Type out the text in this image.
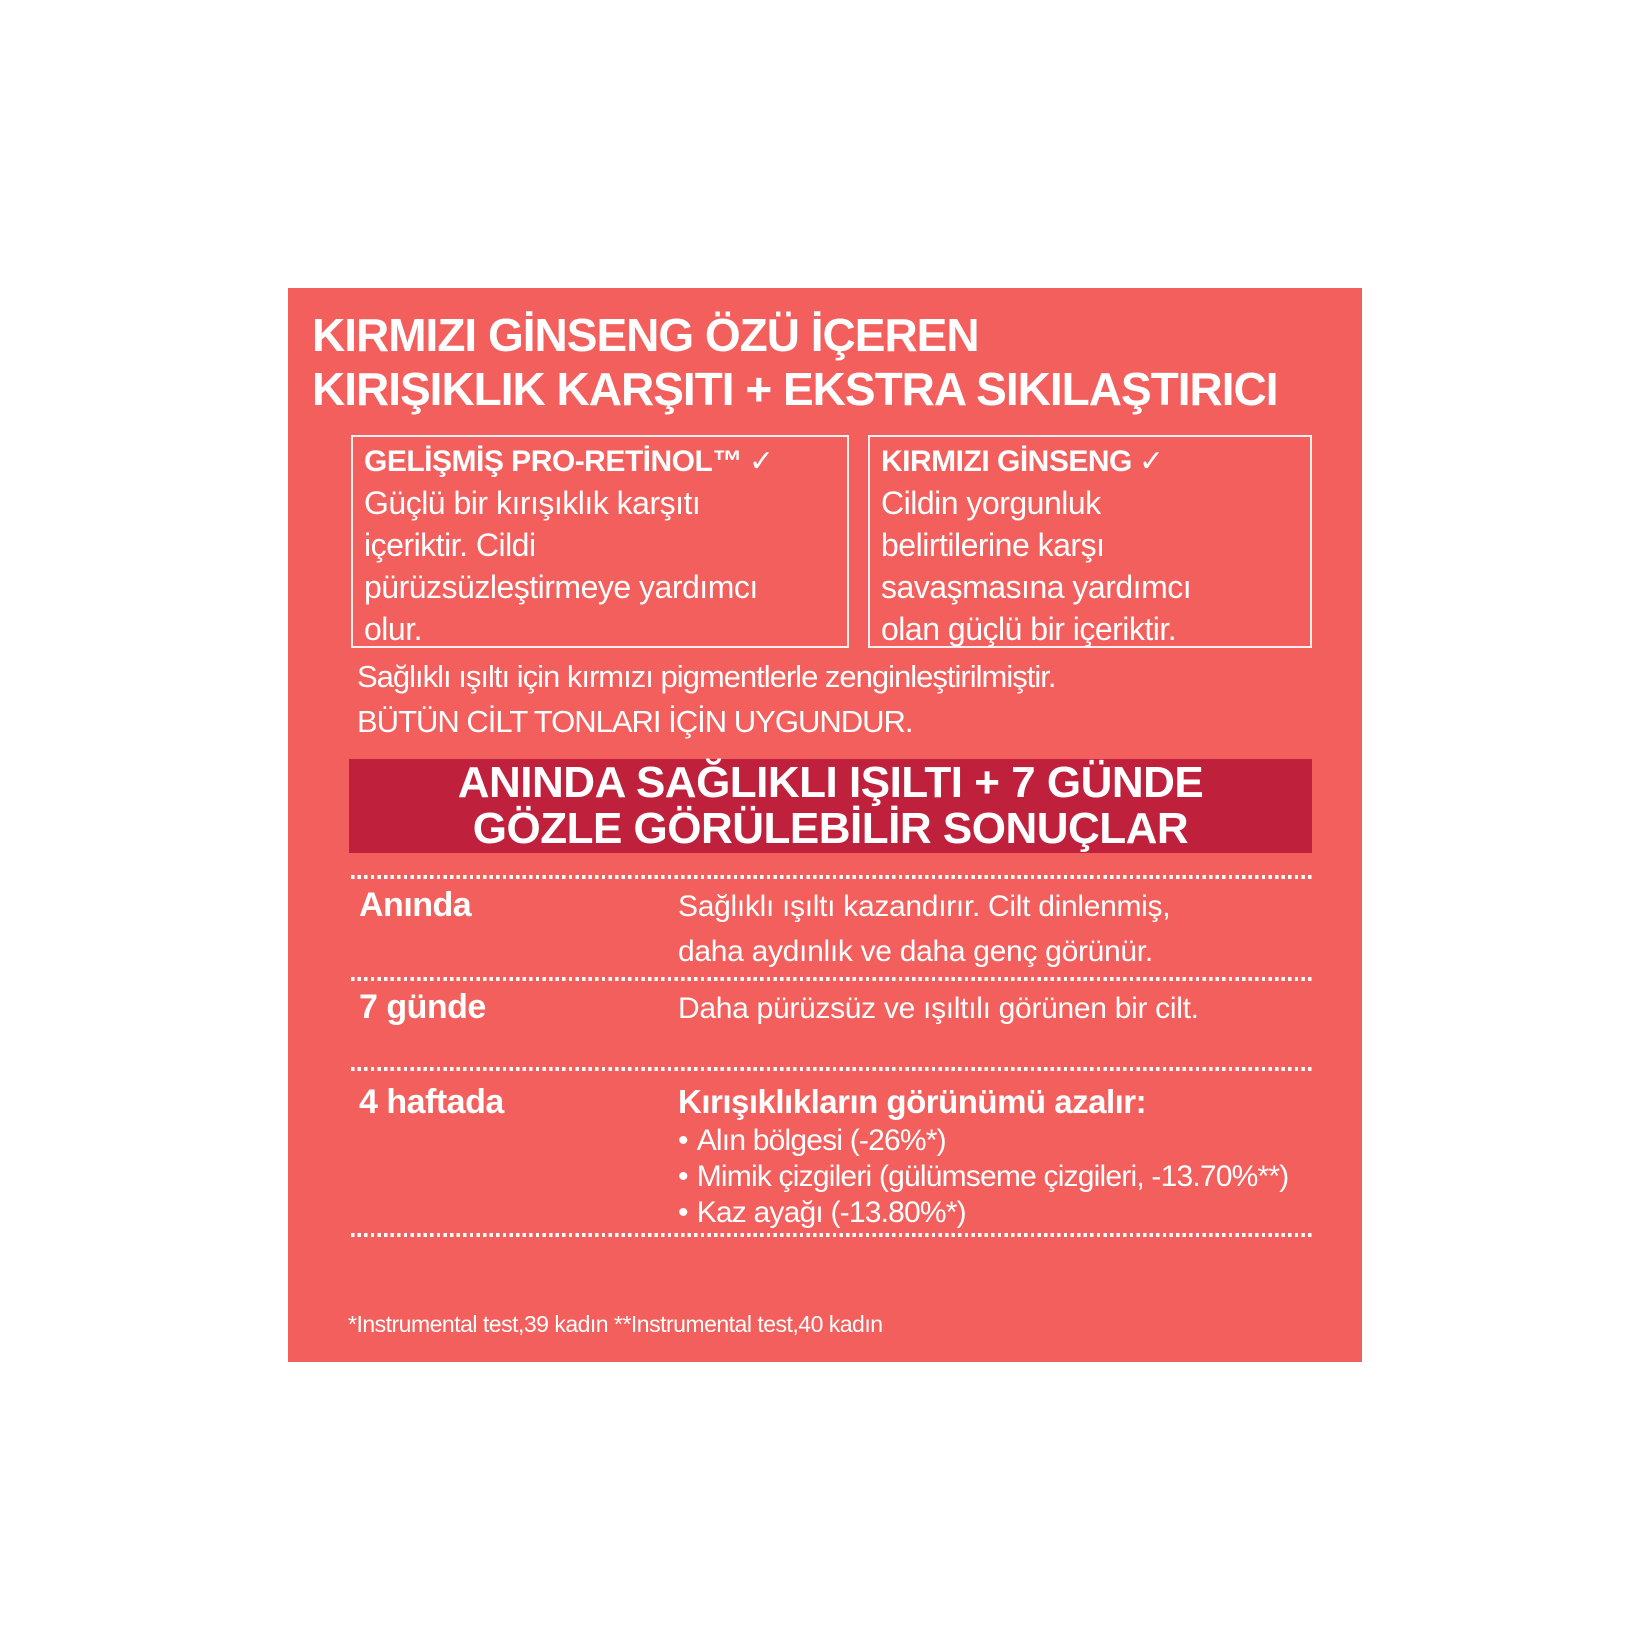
KIRMIZI GİNSENG ÖZÜ İÇEREN
KIRIŞIKLIK KARŞITI + EKSTRA SIKILAŞTIRICI
GELİŞMİŞ PRO-RETİNOL™ ✓
Güçlü bir kırışıklık karşıtı
içeriktir. Cildi
pürüzsüzleştirmeye yardımcı
olur.
KIRMIZI GİNSENG ✓
Cildin yorgunluk
belirtilerine karşı
savaşmasına yardımcı
olan güçlü bir içeriktir.
Sağlıklı ışıltı için kırmızı pigmentlerle zenginleştirilmiştir.
BÜTÜN CİLT TONLARI İÇİN UYGUNDUR.
ANINDA SAĞLIKLI IŞILTI + 7 GÜNDE
GÖZLE GÖRÜLEBİLİR SONUÇLAR
Anında	Sağlıklı ışıltı kazandırır. Cilt dinlenmiş,
daha aydınlık ve daha genç görünür.
7 günde	Daha pürüzsüz ve ışıltılı görünen bir cilt.
4 haftada	Kırışıklıkların görünümü azalır:
• Alın bölgesi (-26%*)
• Mimik çizgileri (gülümseme çizgileri, -13.70%**)
• Kaz ayağı (-13.80%*)
*Instrumental test,39 kadın **Instrumental test,40 kadın
